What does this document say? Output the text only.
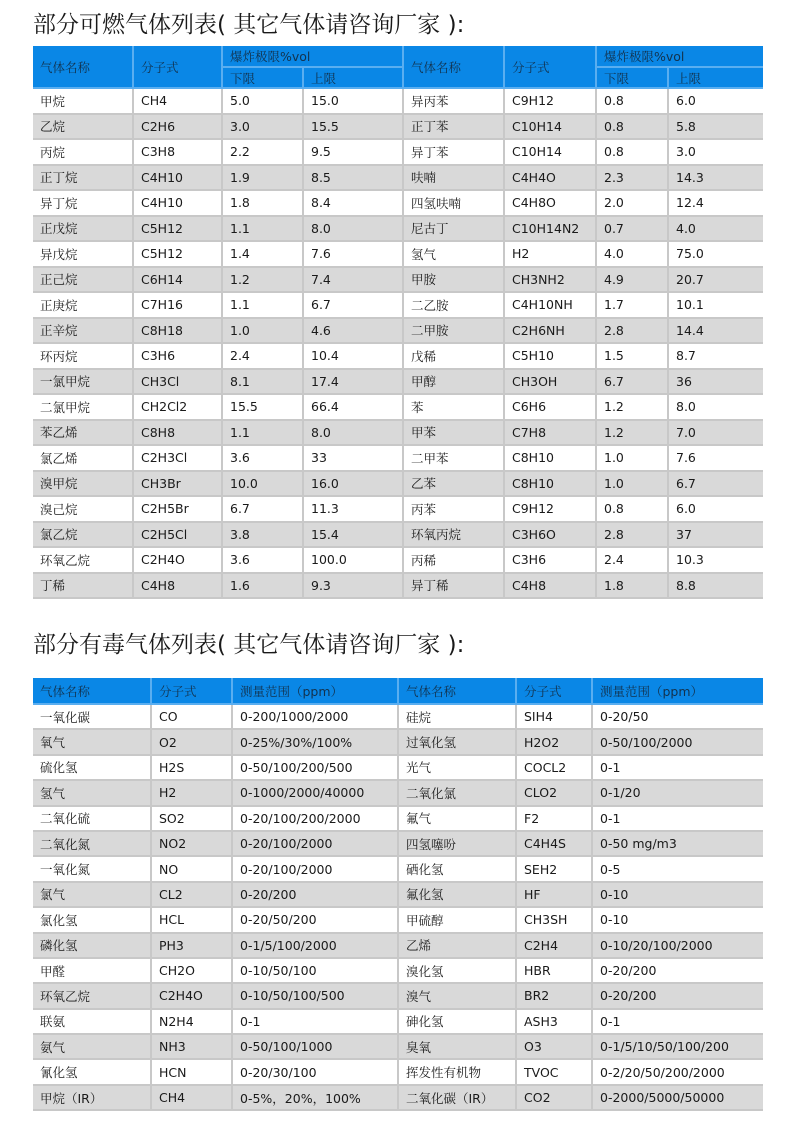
部分可燃气体列表( 其它气体请咨询厂家 ):
气体名称	分子式	爆炸极限%vol		气体名称	分子式	爆炸极限%vol	
		下限	上限			下限	上限
甲烷	CH4	5.0	15.0	异丙苯	C9H12	0.8	6.0
乙烷	C2H6	3.0	15.5	正丁苯	C10H14	0.8	5.8
丙烷	C3H8	2.2	9.5	异丁苯	C10H14	0.8	3.0
正丁烷	C4H10	1.9	8.5	呋喃	C4H4O	2.3	14.3
异丁烷	C4H10	1.8	8.4	四氢呋喃	C4H8O	2.0	12.4
正戊烷	C5H12	1.1	8.0	尼古丁	C10H14N2	0.7	4.0
异戊烷	C5H12	1.4	7.6	氢气	H2	4.0	75.0
正己烷	C6H14	1.2	7.4	甲胺	CH3NH2	4.9	20.7
正庚烷	C7H16	1.1	6.7	二乙胺	C4H10NH	1.7	10.1
正辛烷	C8H18	1.0	4.6	二甲胺	C2H6NH	2.8	14.4
环丙烷	C3H6	2.4	10.4	戊稀	C5H10	1.5	8.7
一氯甲烷	CH3Cl	8.1	17.4	甲醇	CH3OH	6.7	36
二氯甲烷	CH2Cl2	15.5	66.4	苯	C6H6	1.2	8.0
苯乙烯	C8H8	1.1	8.0	甲苯	C7H8	1.2	7.0
氯乙烯	C2H3Cl	3.6	33	二甲苯	C8H10	1.0	7.6
溴甲烷	CH3Br	10.0	16.0	乙苯	C8H10	1.0	6.7
溴己烷	C2H5Br	6.7	11.3	丙苯	C9H12	0.8	6.0
氯乙烷	C2H5Cl	3.8	15.4	环氧丙烷	C3H6O	2.8	37
环氧乙烷	C2H4O	3.6	100.0	丙稀	C3H6	2.4	10.3
丁稀	C4H8	1.6	9.3	异丁稀	C4H8	1.8	8.8
部分有毒气体列表( 其它气体请咨询厂家 ):
气体名称	分子式	测量范围（ppm）	气体名称	分子式	测量范围（ppm）
一氧化碳	CO	0-200/1000/2000	硅烷	SIH4	0-20/50
氧气	O2	0-25%/30%/100%	过氧化氢	H2O2	0-50/100/2000
硫化氢	H2S	0-50/100/200/500	光气	COCL2	0-1
氢气	H2	0-1000/2000/40000	二氧化氯	CLO2	0-1/20
二氧化硫	SO2	0-20/100/200/2000	氟气	F2	0-1
二氧化氮	NO2	0-20/100/2000	四氢噻吩	C4H4S	0-50 mg/m3
一氧化氮	NO	0-20/100/2000	硒化氢	SEH2	0-5
氯气	CL2	0-20/200	氟化氢	HF	0-10
氯化氢	HCL	0-20/50/200	甲硫醇	CH3SH	0-10
磷化氢	PH3	0-1/5/100/2000	乙烯	C2H4	0-10/20/100/2000
甲醛	CH2O	0-10/50/100	溴化氢	HBR	0-20/200
环氧乙烷	C2H4O	0-10/50/100/500	溴气	BR2	0-20/200
联氨	N2H4	0-1	砷化氢	ASH3	0-1
氨气	NH3	0-50/100/1000	臭氧	O3	0-1/5/10/50/100/200
氰化氢	HCN	0-20/30/100	挥发性有机物	TVOC	0-2/20/50/200/2000
甲烷（IR）	CH4	0-5%，20%，100%	二氧化碳（IR）	CO2	0-2000/5000/50000
